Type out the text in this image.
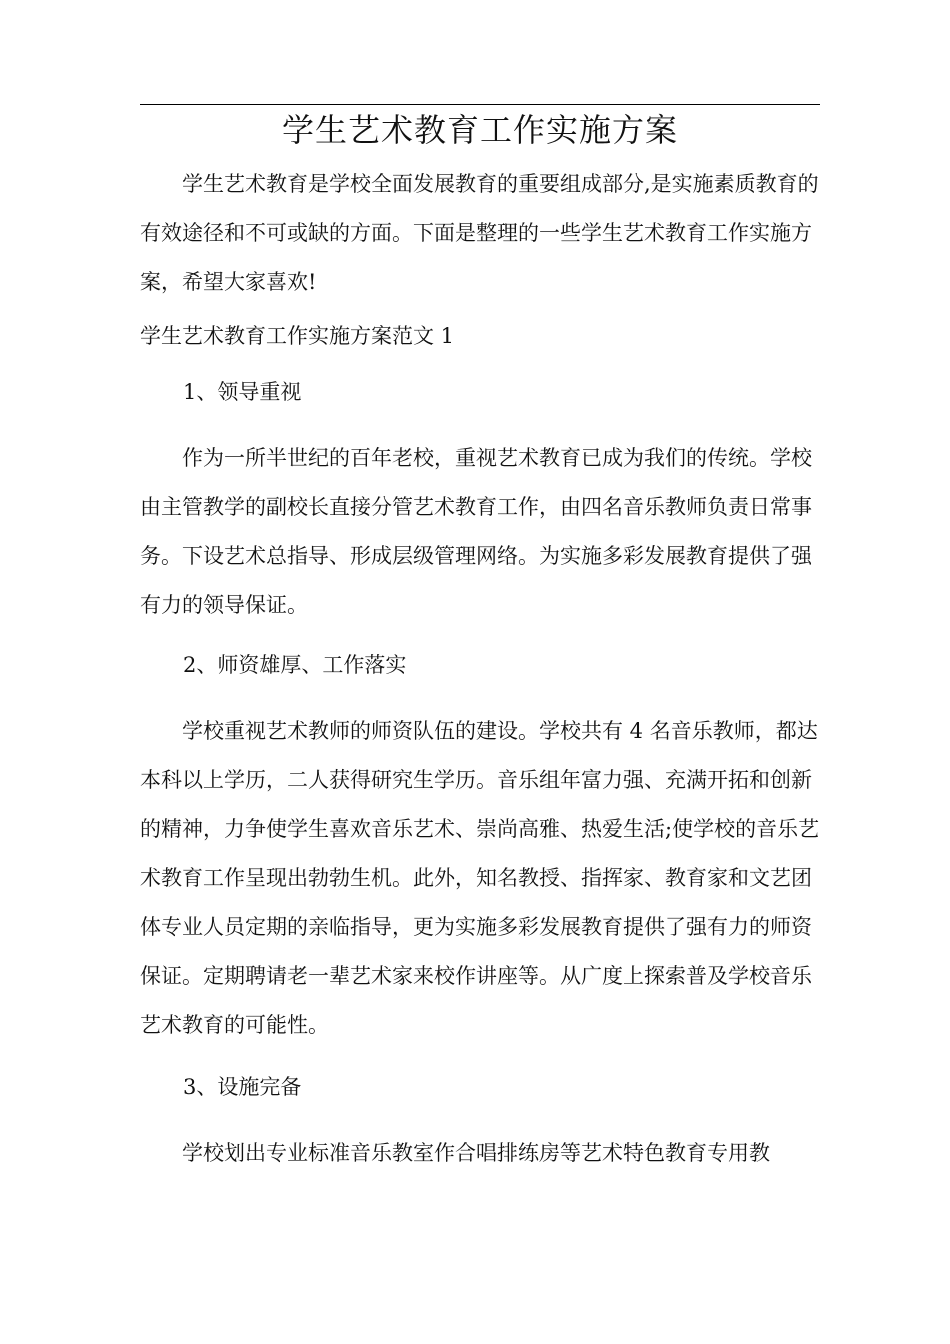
学生艺术教育工作实施方案

学生艺术教育是学校全面发展教育的重要组成部分,是实施素质教育的有效途径和不可或缺的方面。下面是整理的一些学生艺术教育工作实施方案，希望大家喜欢!

学生艺术教育工作实施方案范文 1
1、领导重视

作为一所半世纪的百年老校，重视艺术教育已成为我们的传统。学校由主管教学的副校长直接分管艺术教育工作，由四名音乐教师负责日常事务。下设艺术总指导、形成层级管理网络。为实施多彩发展教育提供了强有力的领导保证。

2、师资雄厚、工作落实

学校重视艺术教师的师资队伍的建设。学校共有 4 名音乐教师，都达本科以上学历，二人获得研究生学历。音乐组年富力强、充满开拓和创新的精神，力争使学生喜欢音乐艺术、崇尚高雅、热爱生活;使学校的音乐艺术教育工作呈现出勃勃生机。此外，知名教授、指挥家、教育家和文艺团体专业人员定期的亲临指导，更为实施多彩发展教育提供了强有力的师资保证。定期聘请老一辈艺术家来校作讲座等。从广度上探索普及学校音乐艺术教育的可能性。

3、设施完备

学校划出专业标准音乐教室作合唱排练房等艺术特色教育专用教
